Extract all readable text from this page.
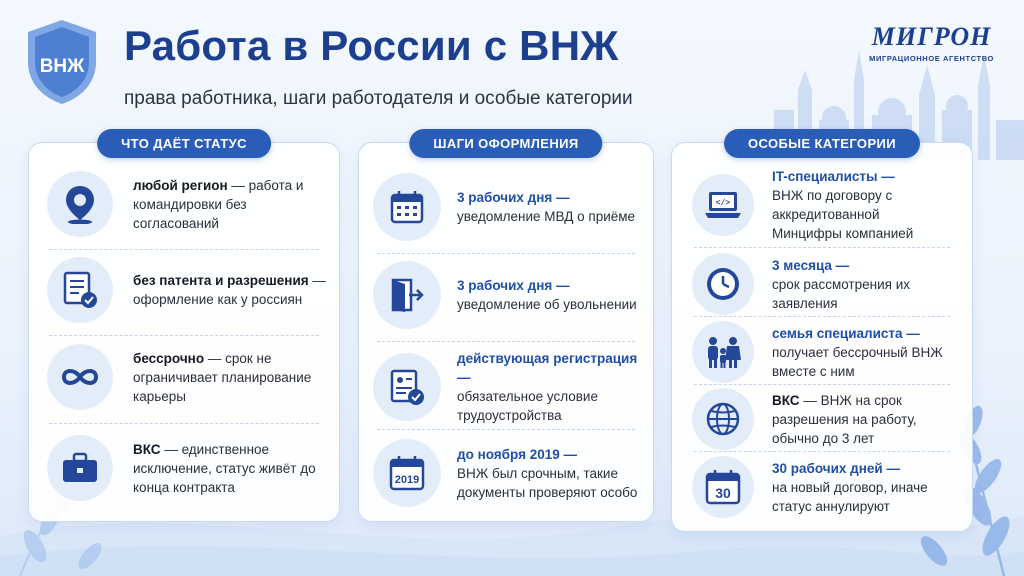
ВНЖ Работа в России с ВНЖ
права работника, шаги работодателя и особые категории
МИГРОН
МИГРАЦИОННОЕ АГЕНТСТВО
ЧТО ДАЁТ СТАТУС
любой регион — работа и командировки без согласований
без патента и разрешения — оформление как у россиян
бессрочно — срок не ограничивает планирование карьеры
ВКС — единственное исключение, статус живёт до конца контракта
ШАГИ ОФОРМЛЕНИЯ
3 рабочих дня —
уведомление МВД о приёме
3 рабочих дня —
уведомление об увольнении
действующая регистрация —
обязательное условие трудоустройства
2019
до ноября 2019 —
ВНЖ был срочным, такие документы проверяют особо
ОСОБЫЕ КАТЕГОРИИ
</>
IT-специалисты —
ВНЖ по договору с аккредитованной Минцифры компанией
3 месяца —
срок рассмотрения их заявления
семья специалиста —
получает бессрочный ВНЖ вместе с ним
ВКС — ВНЖ на срок разрешения на работу, обычно до 3 лет
30
30 рабочих дней —
на новый договор, иначе статус аннулируют
